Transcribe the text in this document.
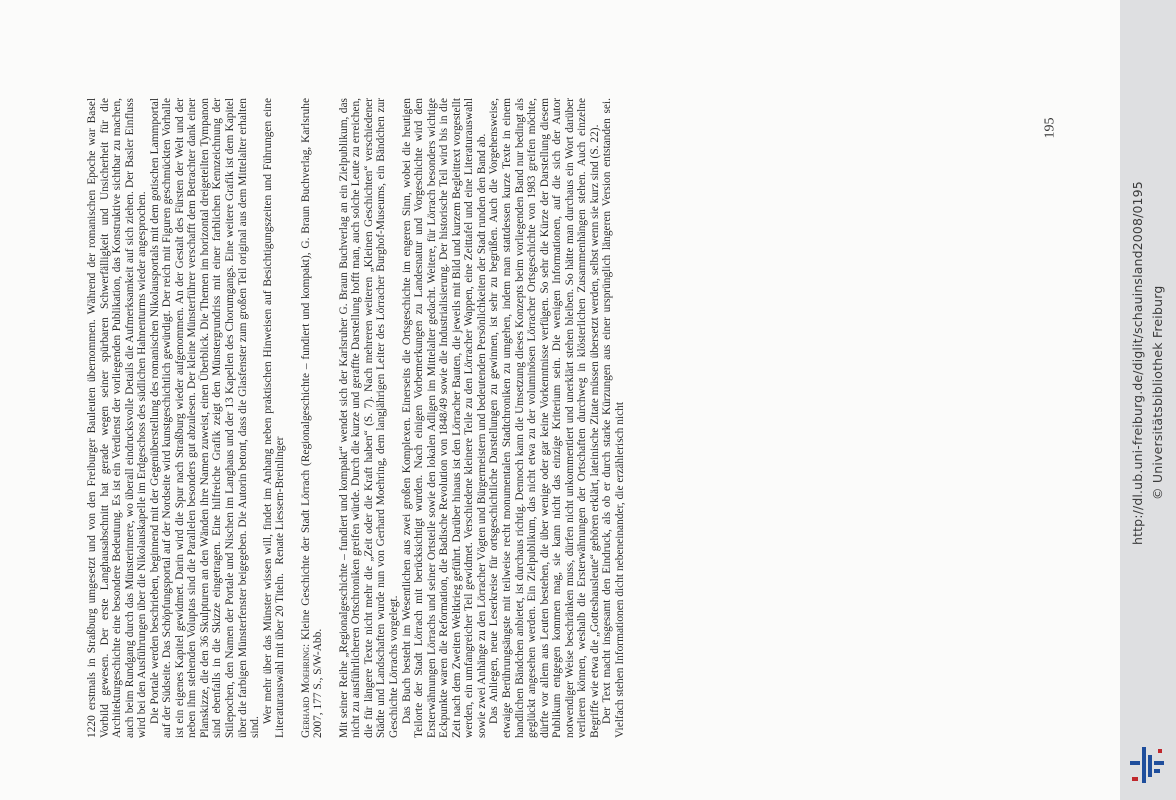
1220 erstmals in Straßburg umgesetzt und von den Freiburger Bauleuten übernommen. Während der romanischen Epoche war Basel Vorbild gewesen. Der erste Langhausabschnitt hat gerade wegen seiner spürbaren Schwerfälligkeit und Unsicherheit für die Architekturgeschichte eine besondere Bedeutung. Es ist ein Verdienst der vorliegenden Publikation, das Konstruktive sichtbar zu machen, auch beim Rundgang durch das Münsterinnere, wo überall eindrucksvolle Details die Aufmerksamkeit auf sich ziehen. Der Basler Einfluss wird bei den Ausführungen über die Nikolauskapelle im Erdgeschoss des südlichen Hahnenturms wieder angesprochen. Die Portale werden beschrieben, beginnend mit der Gegenüberstellung des romanischen Nikolausportals mit dem gotischen Lammportal auf der Südseite. Das Schöpfungsportal auf der Nordseite wird kunstgeschichtlich gewürdigt. Der reich mit Figuren geschmückten Vorhalle ist ein eigenes Kapitel gewidmet. Darin wird die Spur nach Straßburg wieder aufgenommen. An der Gestalt des Fürsten der Welt und der neben ihm stehenden Voluptas sind die Parallelen besonders gut abzulesen. Der kleine Münsterführer verschafft dem Betrachter dank einer Planskizze, die den 36 Skulpturen an den Wänden ihre Namen zuweist, einen Überblick. Die Themen im horizontal dreigeteilten Tympanon sind ebenfalls in die Skizze eingetragen. Eine hilfreiche Grafik zeigt den Münstergrundriss mit einer farblichen Kennzeichnung der Stilepochen, den Namen der Portale und Nischen im Langhaus und der 13 Kapellen des Chorumgangs. Eine weitere Grafik ist dem Kapitel über die farbigen Münsterfenster beigegeben. Die Autorin betont, dass die Glasfenster zum großen Teil original aus dem Mittelalter erhalten sind.

Wer mehr über das Münster wissen will, findet im Anhang neben praktischen Hinweisen auf Besichtigungszeiten und Führungen eine Literaturauswahl mit über 20 Titeln.   Renate Liessem-Breinlinger

Gerhard Moehring: Kleine Geschichte der Stadt Lörrach (Regionalgeschichte – fundiert und kompakt), G. Braun Buchverlag, Karlsruhe 2007, 177 S., S/W-Abb. Mit seiner Reihe „Regionalgeschichte – fundiert und kompakt“ wendet sich der Karlsruher G. Braun Buchverlag an ein Zielpublikum, das nicht zu ausführlicheren Ortschroniken greifen würde. Durch die kurze und geraffte Darstellung hofft man, auch solche Leute zu erreichen, die für längere Texte nicht mehr die „Zeit oder die Kraft haben“ (S. 7). Nach mehreren weiteren „Kleinen Geschichten“ verschiedener Städte und Landschaften wurde nun von Gerhard Moehring, dem langjährigen Leiter des Lörracher Burghof-Museums, ein Bändchen zur Geschichte Lörrachs vorgelegt. Das Buch besteht im Wesentlichen aus zwei großen Komplexen. Einerseits die Ortsgeschichte im engeren Sinn, wobei die heutigen Teilorte der Stadt Lörrach mit berücksichtigt wurden. Nach einigen Vorbemerkungen zu Landesnatur und Vorgeschichte wird den Ersterwähnungen Lörrachs und seiner Ortsteile sowie den lokalen Adligen im Mittelalter gedacht. Weitere, für Lörrach besonders wichtige Eckpunkte waren die Reformation, die Badische Revolution von 1848/49 sowie die Industrialisierung. Der historische Teil wird bis in die Zeit nach dem Zweiten Weltkrieg geführt. Darüber hinaus ist den Lörracher Bauten, die jeweils mit Bild und kurzem Begleittext vorgestellt werden, ein umfangreicher Teil gewidmet. Verschiedene kleinere Teile zu den Lörracher Wappen, eine Zeittafel und eine Literaturauswahl sowie zwei Anhänge zu den Lörracher Vögten und Bürgermeistern und bedeutenden Persönlichkeiten der Stadt runden den Band ab. Das Anliegen, neue Leserkreise für ortsgeschichtliche Darstellungen zu gewinnen, ist sehr zu begrüßen. Auch die Vorgehensweise, etwaige Berührungsängste mit teilweise recht monumentalen Stadtchroniken zu umgehen, indem man stattdessen kurze Texte in einem handlichen Bändchen anbietet, ist durchaus richtig. Dennoch kann die Umsetzung dieses Konzepts beim vorliegenden Band nur bedingt als geglückt angesehen werden. Ein Zielpublikum, das nicht etwa zu der voluminösen Lörracher Ortsgeschichte von 1983 greifen möchte, dürfte vor allem aus Leuten bestehen, die über wenige oder gar keine Vorkenntnisse verfügen. So sehr die Kürze der Darstellung diesem Publikum entgegen kommen mag, sie kann nicht das einzige Kriterium sein. Die wenigen Informationen, auf die sich der Autor notwendiger Weise beschränken muss, dürfen nicht unkommentiert und unerklärt stehen bleiben. So hätte man durchaus ein Wort darüber verlieren können, weshalb die Ersterwähnungen der Ortschaften durchweg in klösterlichen Zusammenhängen stehen. Auch einzelne Begriffe wie etwa die „Gotteshausleute“ gehören erklärt, lateinische Zitate müssen übersetzt werden, selbst wenn sie kurz sind (S. 22). Der Text macht insgesamt den Eindruck, als ob er durch starke Kürzungen aus einer ursprünglich längeren Version entstanden sei. Vielfach stehen Informationen dicht nebeneinander, die erzählerisch nicht

195
http://dl.ub.uni-freiburg.de/diglit/schauinsland2008/0195 © Universitätsbibliothek Freiburg
